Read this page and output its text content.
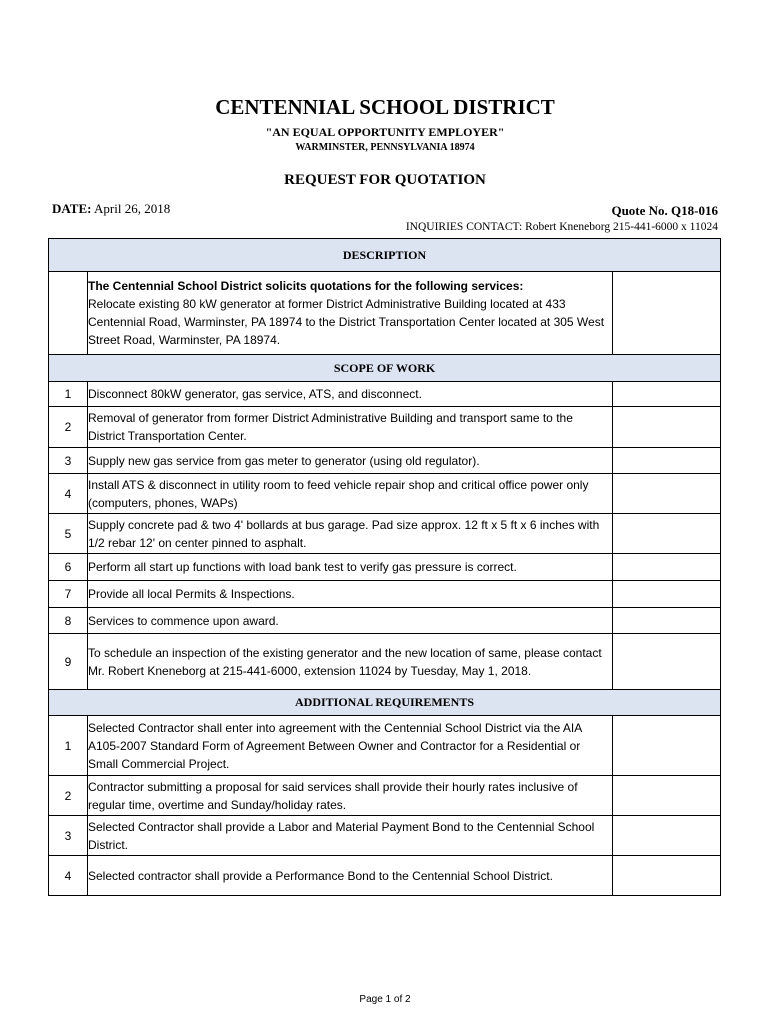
CENTENNIAL SCHOOL DISTRICT
"AN EQUAL OPPORTUNITY EMPLOYER"
WARMINSTER, PENNSYLVANIA 18974
REQUEST FOR QUOTATION
DATE: April 26, 2018	Quote No. Q18-016
INQUIRIES CONTACT: Robert Kneneborg 215-441-6000 x 11024
DESCRIPTION		
	The Centennial School District solicits quotations for the following services:
Relocate existing 80 kW generator at former District Administrative Building located at 433 Centennial Road, Warminster, PA 18974 to the District Transportation Center located at 305 West Street Road, Warminster, PA 18974.	
SCOPE OF WORK		
1	Disconnect 80kW generator, gas service, ATS, and disconnect.	
2	Removal of generator from former District Administrative Building and transport same to the District Transportation Center.	
3	Supply new gas service from gas meter to generator (using old regulator).	
4	Install ATS & disconnect in utility room to feed vehicle repair shop and critical office power only (computers, phones, WAPs)	
5	Supply concrete pad & two 4' bollards at bus garage. Pad size approx. 12 ft x 5 ft x 6 inches with 1/2 rebar 12' on center pinned to asphalt.	
6	Perform all start up functions with load bank test to verify gas pressure is correct.	
7	Provide all local Permits & Inspections.	
8	Services to commence upon award.	
9	To schedule an inspection of the existing generator and the new location of same, please contact Mr. Robert Kneneborg at 215-441-6000, extension 11024 by Tuesday, May 1, 2018.	
ADDITIONAL REQUIREMENTS		
1	Selected Contractor shall enter into agreement with the Centennial School District via the AIA A105-2007 Standard Form of Agreement Between Owner and Contractor for a Residential or Small Commercial Project.	
2	Contractor submitting a proposal for said services shall provide their hourly rates inclusive of regular time, overtime and Sunday/holiday rates.	
3	Selected Contractor shall provide a Labor and Material Payment Bond to the Centennial School District.	
4	Selected contractor shall provide a Performance Bond to the Centennial School District.	
Page 1 of 2
